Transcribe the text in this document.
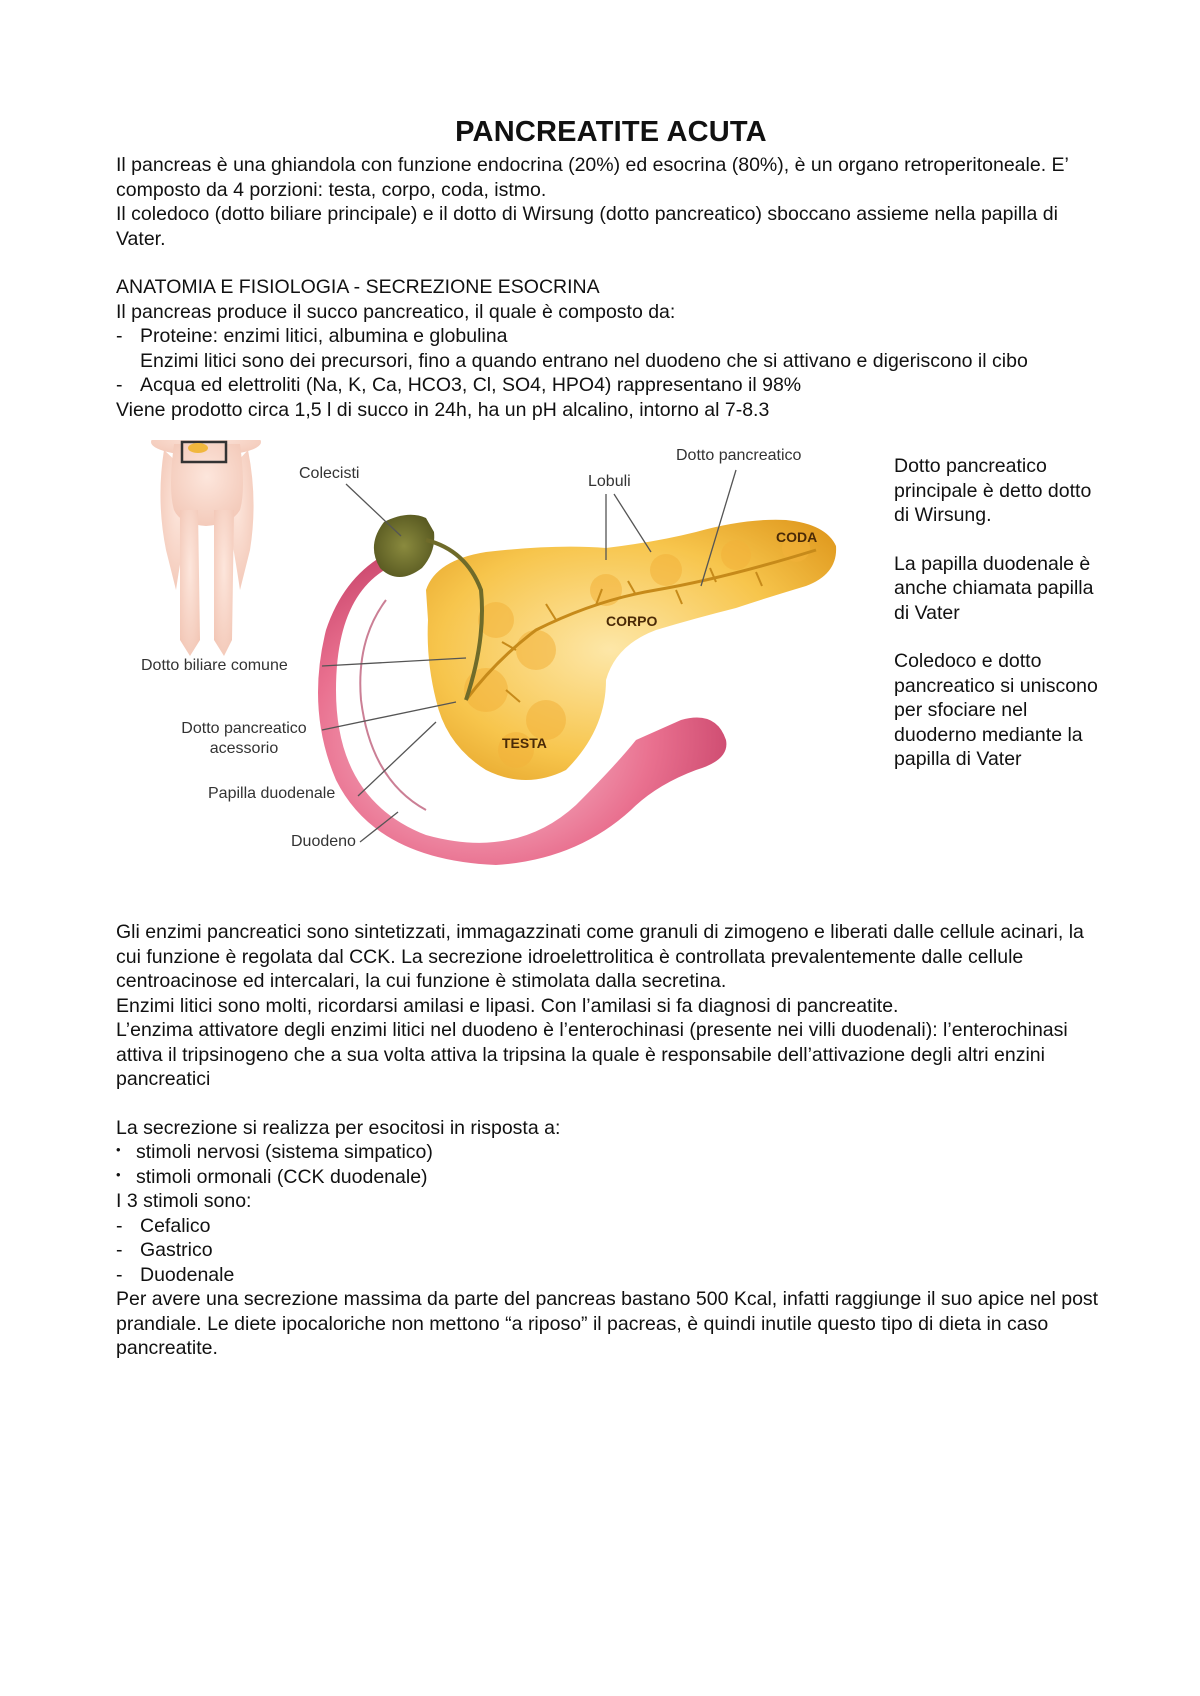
PANCREATITE ACUTA

Il pancreas è una ghiandola con funzione endocrina (20%) ed esocrina (80%), è un organo retroperitoneale. E’ composto da 4 porzioni: testa, corpo, coda, istmo.

Il coledoco (dotto biliare principale) e il dotto di Wirsung (dotto pancreatico) sboccano assieme nella papilla di Vater.

ANATOMIA E FISIOLOGIA - SECREZIONE ESOCRINA

Il pancreas produce il succo pancreatico, il quale è composto da:

- Proteine: enzimi litici, albumina e globulina

Enzimi litici sono dei precursori, fino a quando entrano nel duodeno che si attivano e digeriscono il cibo

- Acqua ed elettroliti (Na, K, Ca, HCO3, Cl, SO4, HPO4) rappresentano il 98%

Viene prodotto circa 1,5 l di succo in 24h, ha un pH alcalino, intorno al 7-8.3

CODA
CORPO
TESTA
Colecisti	Lobuli
Dotto pancreatico
Dotto biliare comune
Dotto pancreatico
acessorio
Papilla duodenale
Duodeno

Dotto pancreatico principale è detto dotto di Wirsung.

La papilla duodenale è anche chiamata papilla di Vater

Coledoco e dotto pancreatico si uniscono per sfociare nel duoderno mediante la papilla di Vater

Gli enzimi pancreatici sono sintetizzati, immagazzinati come granuli di zimogeno e liberati dalle cellule acinari, la cui funzione è regolata dal CCK. La secrezione idroelettrolitica è controllata prevalentemente dalle cellule centroacinose ed intercalari, la cui funzione è stimolata dalla secretina.

Enzimi litici sono molti, ricordarsi amilasi e lipasi. Con l’amilasi si fa diagnosi di pancreatite.

L’enzima attivatore degli enzimi litici nel duodeno è l’enterochinasi (presente nei villi duodenali): l’enterochinasi attiva il tripsinogeno che a sua volta attiva la tripsina la quale è responsabile dell’attivazione degli altri enzini pancreatici

La secrezione si realizza per esocitosi in risposta a:

• stimoli nervosi (sistema simpatico)
• stimoli ormonali (CCK duodenale)

I 3 stimoli sono:

- Cefalico
- Gastrico
- Duodenale

Per avere una secrezione massima da parte del pancreas bastano 500 Kcal, infatti raggiunge il suo apice nel post prandiale. Le diete ipocaloriche non mettono “a riposo” il pacreas, è quindi inutile questo tipo di dieta in caso pancreatite.
